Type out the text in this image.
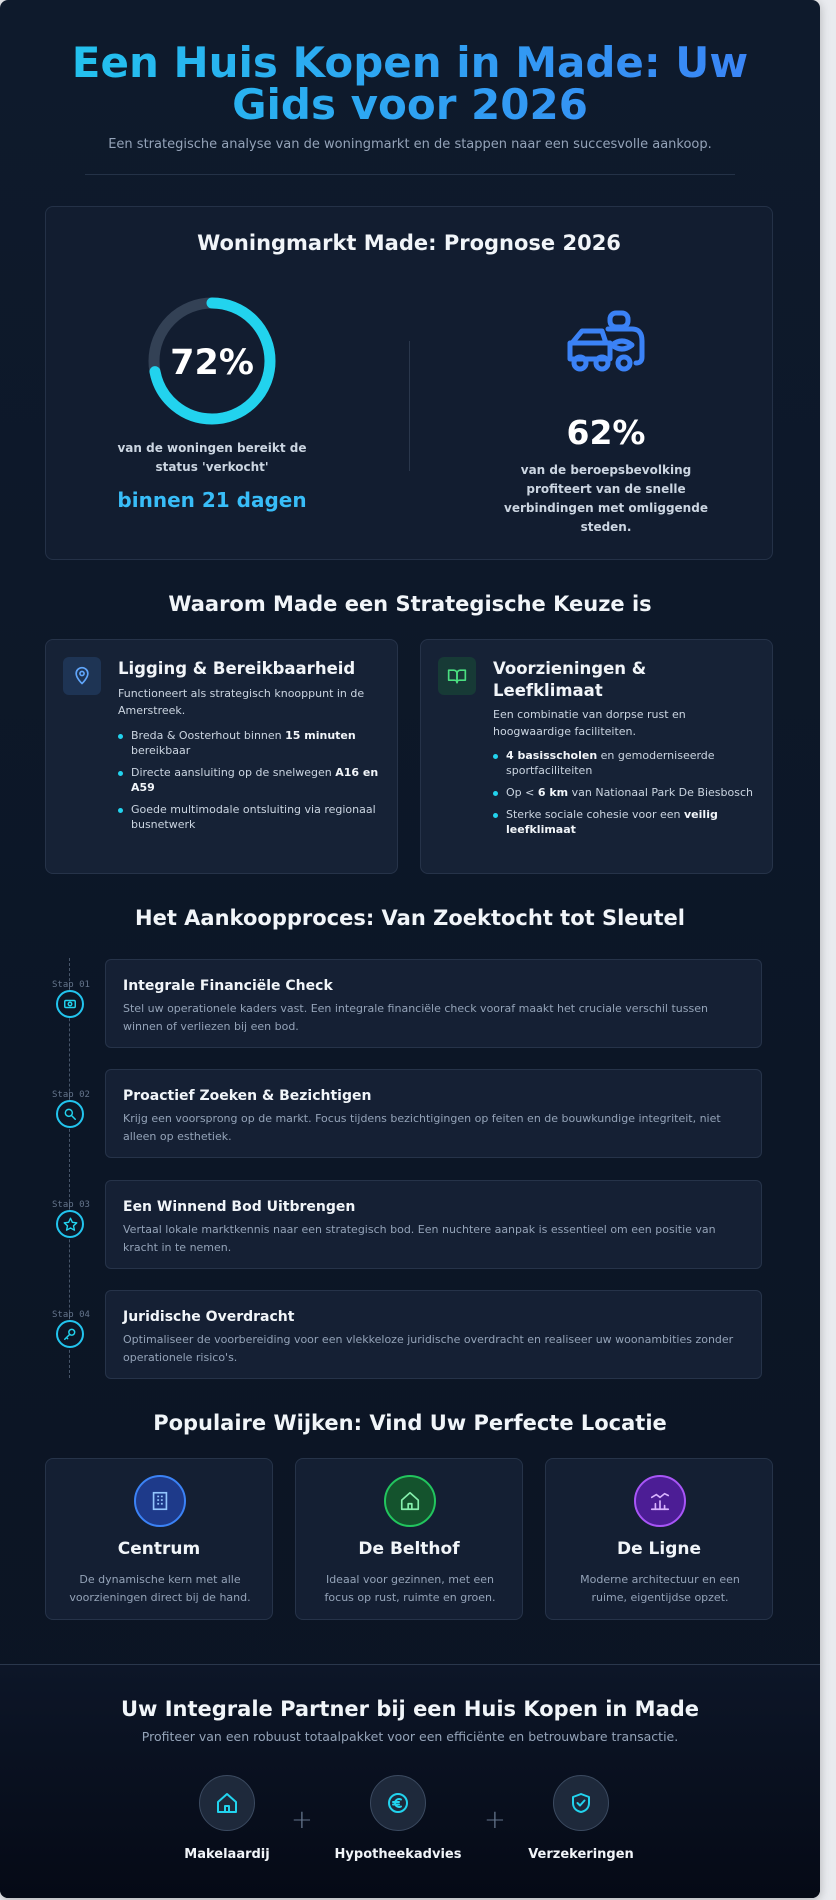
Een Huis Kopen in Made: Uw Gids voor 2026
Een strategische analyse van de woningmarkt en de stappen naar een succesvolle aankoop.
Woningmarkt Made: Prognose 2026
72%
van de woningen bereikt de status 'verkocht'
binnen 21 dagen
62%
van de beroepsbevolking profiteert van de snelle verbindingen met omliggende steden.
Waarom Made een Strategische Keuze is
Ligging & Bereikbaarheid
Functioneert als strategisch knooppunt in de Amerstreek.
Breda & Oosterhout binnen 15 minuten bereikbaar
Directe aansluiting op de snelwegen A16 en A59
Goede multimodale ontsluiting via regionaal busnetwerk
Voorzieningen & Leefklimaat
Een combinatie van dorpse rust en hoogwaardige faciliteiten.
4 basisscholen en gemoderniseerde sportfaciliteiten
Op < 6 km van Nationaal Park De Biesbosch
Sterke sociale cohesie voor een veilig leefklimaat
Het Aankoopproces: Van Zoektocht tot Sleutel
Stap 01	Integrale Financiële Check

Stel uw operationele kaders vast. Een integrale financiële check vooraf maakt het cruciale verschil tussen winnen of verliezen bij een bod.

Stap 02	Proactief Zoeken & Bezichtigen

Krijg een voorsprong op de markt. Focus tijdens bezichtigingen op feiten en de bouwkundige integriteit, niet alleen op esthetiek.

Stap 03	Een Winnend Bod Uitbrengen

Vertaal lokale marktkennis naar een strategisch bod. Een nuchtere aanpak is essentieel om een positie van kracht in te nemen.

Stap 04	Juridische Overdracht

Optimaliseer de voorbereiding voor een vlekkeloze juridische overdracht en realiseer uw woonambities zonder operationele risico's.

Populaire Wijken: Vind Uw Perfecte Locatie
Centrum

De dynamische kern met alle voorzieningen direct bij de hand.

De Belthof

Ideaal voor gezinnen, met een focus op rust, ruimte en groen.

De Ligne

Moderne architectuur en een ruime, eigentijdse opzet.

Uw Integrale Partner bij een Huis Kopen in Made
Profiteer van een robuust totaalpakket voor een efficiënte en betrouwbare transactie.
Makelaardij
+
Hypotheekadvies
+
Verzekeringen
